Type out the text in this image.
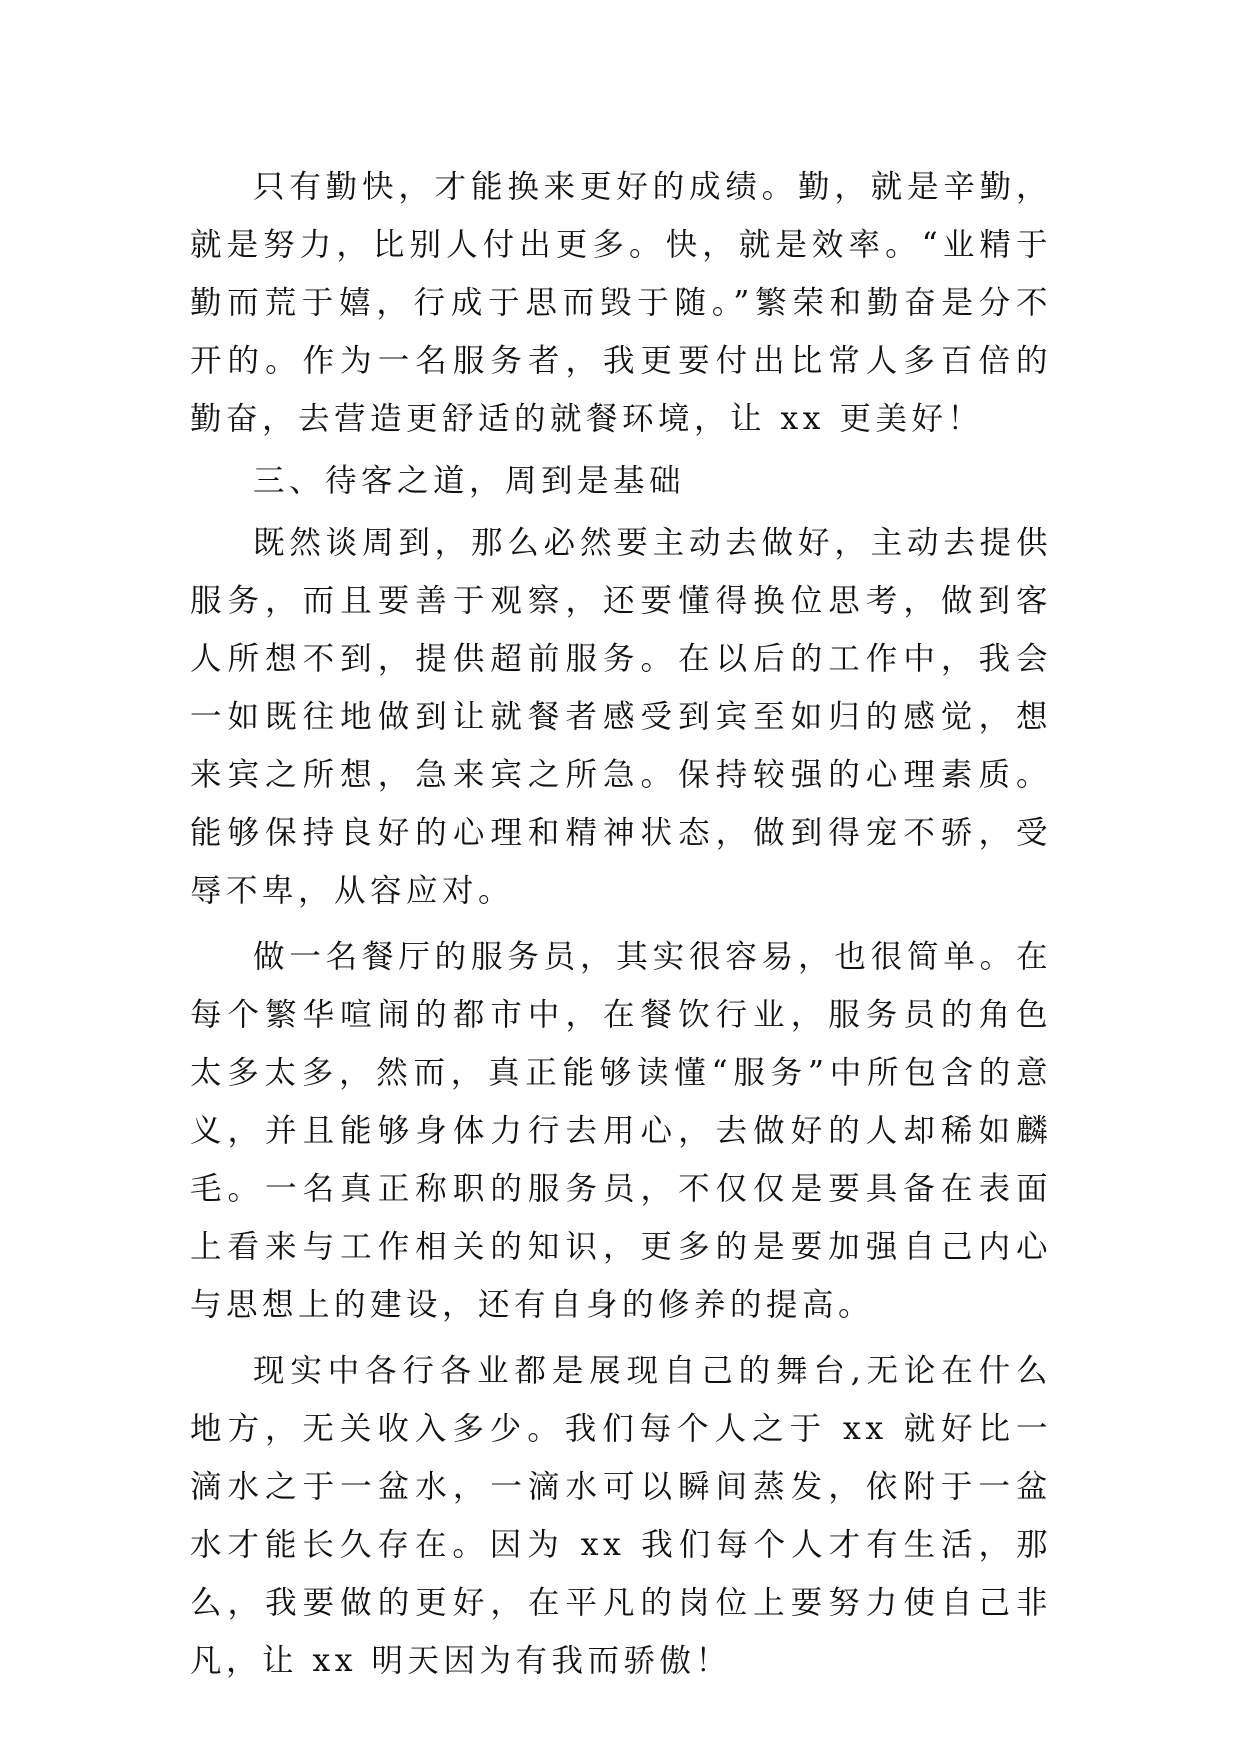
只有勤快，才能换来更好的成绩。勤，就是辛勤，就是努力，比别人付出更多。快，就是效率。“业精于勤而荒于嬉，行成于思而毁于随。”繁荣和勤奋是分不开的。作为一名服务者，我更要付出比常人多百倍的勤奋，去营造更舒适的就餐环境，让 xx 更美好！

三、待客之道，周到是基础

既然谈周到，那么必然要主动去做好，主动去提供服务，而且要善于观察，还要懂得换位思考，做到客人所想不到，提供超前服务。在以后的工作中，我会一如既往地做到让就餐者感受到宾至如归的感觉，想来宾之所想，急来宾之所急。保持较强的心理素质。能够保持良好的心理和精神状态，做到得宠不骄，受辱不卑，从容应对。

做一名餐厅的服务员，其实很容易，也很简单。在每个繁华喧闹的都市中，在餐饮行业，服务员的角色太多太多，然而，真正能够读懂“服务”中所包含的意义，并且能够身体力行去用心，去做好的人却稀如麟毛。一名真正称职的服务员，不仅仅是要具备在表面上看来与工作相关的知识，更多的是要加强自己内心与思想上的建设，还有自身的修养的提高。

现实中各行各业都是展现自己的舞台,无论在什么地方，无关收入多少。我们每个人之于 xx 就好比一滴水之于一盆水，一滴水可以瞬间蒸发，依附于一盆水才能长久存在。因为 xx 我们每个人才有生活，那么，我要做的更好，在平凡的岗位上要努力使自己非凡，让 xx 明天因为有我而骄傲！
